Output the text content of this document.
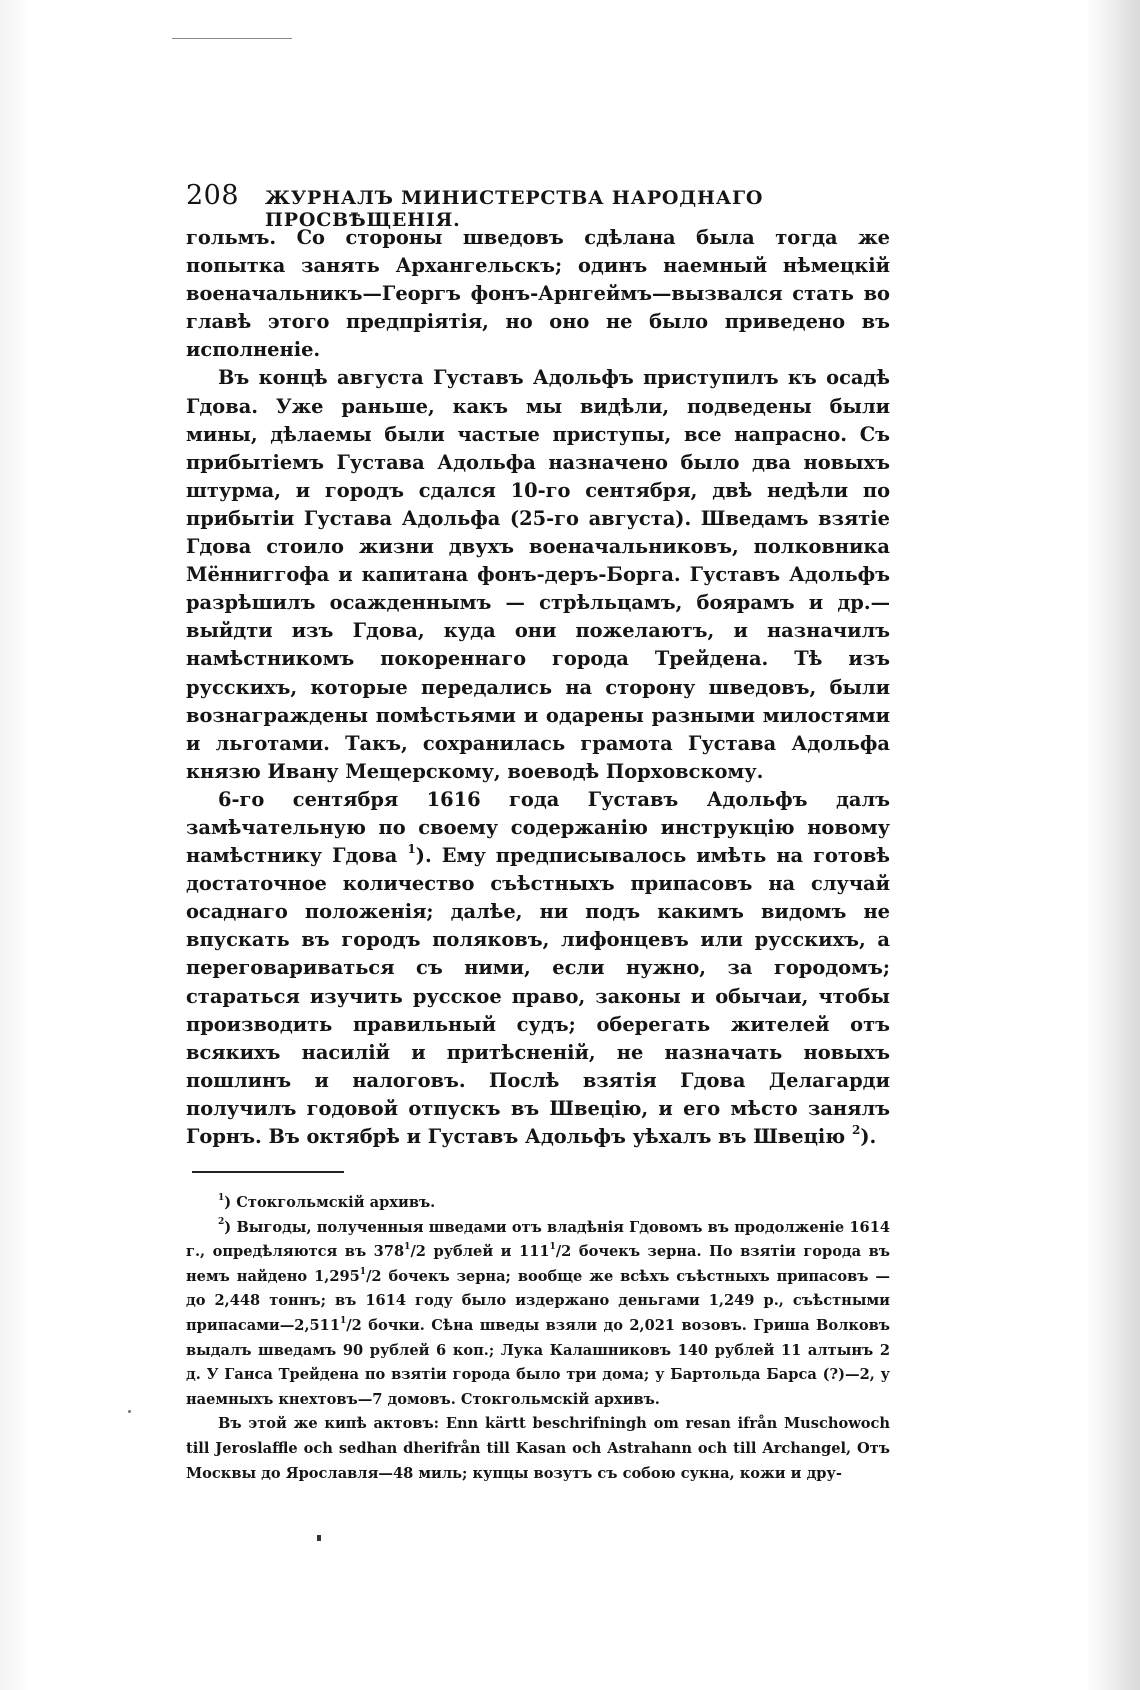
208 ЖУРНАЛЪ МИНИСТЕРСТВА НАРОДНАГО ПРОСВѢЩЕНІЯ.

гольмъ. Со стороны шведовъ сдѣлана была тогда же попытка занять Архангельскъ; одинъ наемный нѣмецкій военачальникъ—Георгъ фонъ-Арнгеймъ—вызвался стать во главѣ этого предпріятія, но оно не было приведено въ исполненіе.

Въ концѣ августа Густавъ Адольфъ приступилъ къ осадѣ Гдова. Уже раньше, какъ мы видѣли, подведены были мины, дѣлаемы были частые приступы, все напрасно. Съ прибытіемъ Густава Адольфа назначено было два новыхъ штурма, и городъ сдался 10-го сентября, двѣ недѣли по прибытіи Густава Адольфа (25-го августа). Шведамъ взятіе Гдова стоило жизни двухъ военачальниковъ, полковника Мённиггофа и капитана фонъ-деръ-Борга. Густавъ Адольфъ разрѣшилъ осажденнымъ — стрѣльцамъ, боярамъ и др.—выйдти изъ Гдова, куда они пожелаютъ, и назначилъ намѣстникомъ покореннаго города Трейдена. Тѣ изъ русскихъ, которые передались на сторону шведовъ, были вознаграждены помѣстьями и одарены разными милостями и льготами. Такъ, сохранилась грамота Густава Адольфа князю Ивану Мещерскому, воеводѣ Порховскому.

6-го сентября 1616 года Густавъ Адольфъ далъ замѣчательную по своему содержанію инструкцію новому намѣстнику Гдова $^1$). Ему предписывалось имѣть на готовѣ достаточное количество съѣстныхъ припасовъ на случай осаднаго положенія; далѣе, ни подъ какимъ видомъ не впускать въ городъ поляковъ, лифонцевъ или русскихъ, а переговариваться съ ними, если нужно, за городомъ; стараться изучить русское право, законы и обычаи, чтобы производить правильный судъ; оберегать жителей отъ всякихъ насилій и притѣсненій, не назначать новыхъ пошлинъ и налоговъ. Послѣ взятія Гдова Делагарди получилъ годовой отпускъ въ Швецію, и его мѣсто занялъ Горнъ. Въ октябрѣ и Густавъ Адольфъ уѣхалъ въ Швецію $^2$).

$^1$) Стокгольмскій архивъ.

$^2$) Выгоды, полученныя шведами отъ владѣнія Гдовомъ въ продолженіе 1614 г., опредѣляются въ $378^1/2$ рублей и $111^1/2$ бочекъ зерна. По взятіи города въ немъ найдено 1,295$^1$/2 бочекъ зерна; вообще же всѣхъ съѣстныхъ припасовъ — до 2,448 тоннъ; въ 1614 году было издержано деньгами 1,249 р., съѣстными припасами—2,511$^1$/2 бочки. Сѣна шведы взяли до 2,021 возовъ. Гриша Волковъ выдалъ шведамъ 90 рублей 6 коп.; Лука Калашниковъ 140 рублей 11 алтынъ 2 д. У Ганса Трейдена по взятіи города было три дома; у Бартольда Барса (?)—2, у наемныхъ кнехтовъ—7 домовъ. Стокгольмскій архивъ.

Въ этой же кипѣ актовъ: Enn kärtt beschrifningh om resan ifrån Muschowoch till Jeroslaffle och sedhan dherifrån till Kasan och Astrahann och till Archangel, Отъ Москвы до Ярославля—48 миль; купцы возутъ съ собою сукна, кожи и дру-
